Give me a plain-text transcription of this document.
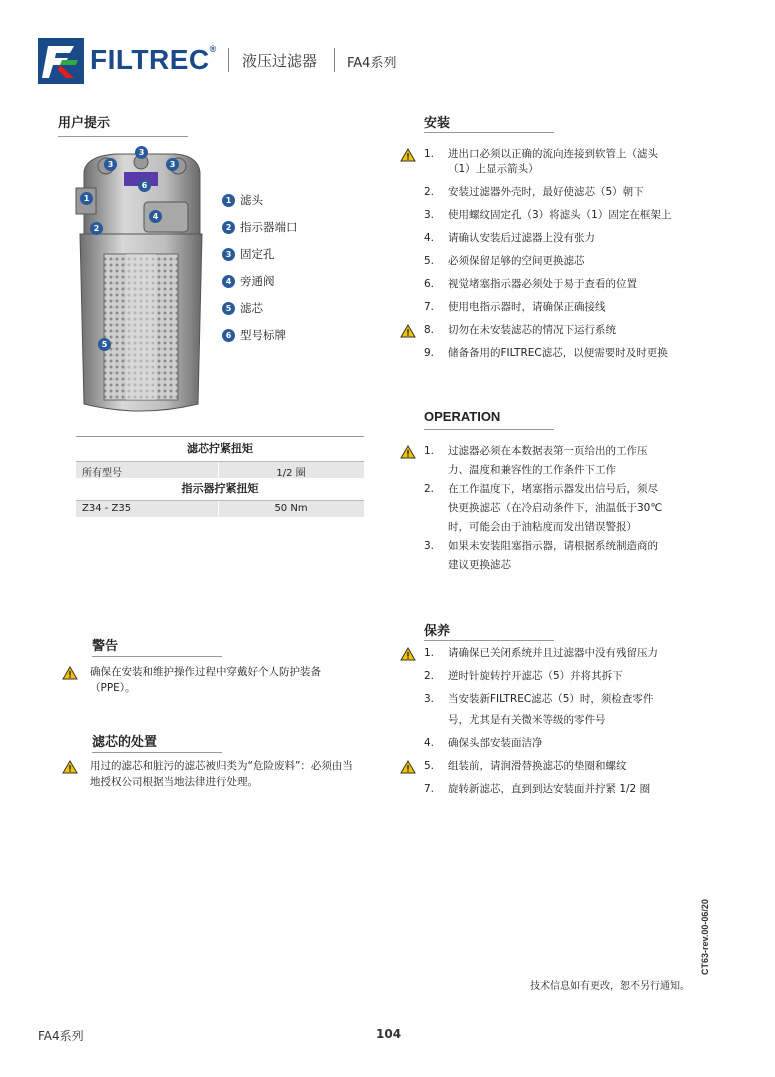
FILTREC®
液压过滤器 FA4系列
用户提示
3
3	3
6
1
4
2
5
1 滤头
2 指示器端口
3 固定孔
4 旁通阀
5 滤芯
6 型号标牌
滤芯拧紧扭矩
所有型号	1/2 圈
指示器拧紧扭矩
Z34 - Z35	50 Nm
警告
确保在安装和维护操作过程中穿戴好个人防护装备（PPE）。
滤芯的处置
用过的滤芯和脏污的滤芯被归类为“危险废料”：必须由当地授权公司根据当地法律进行处理。
安装
1. 进出口必须以正确的流向连接到软管上（滤头
（1）上显示箭头）
2. 安装过滤器外壳时，最好使滤芯（5）朝下
3. 使用螺纹固定孔（3）将滤头（1）固定在框架上
4. 请确认安装后过滤器上没有张力
5. 必须保留足够的空间更换滤芯
6. 视觉堵塞指示器必须处于易于查看的位置
7. 使用电指示器时，请确保正确接线
8. 切勿在未安装滤芯的情况下运行系统
9. 储备备用的FILTREC滤芯，以便需要时及时更换
OPERATION
1. 过滤器必须在本数据表第一页给出的工作压
力、温度和兼容性的工作条件下工作
2. 在工作温度下，堵塞指示器发出信号后，须尽
快更换滤芯（在冷启动条件下，油温低于30℃
时，可能会由于油粘度而发出错误警报）
3. 如果未安装阻塞指示器，请根据系统制造商的
建议更换滤芯
保养
1. 请确保已关闭系统并且过滤器中没有残留压力
2. 逆时针旋转拧开滤芯（5）并将其拆下
3. 当安装新FILTREC滤芯（5）时，须检查零件
号，尤其是有关微米等级的零件号
4. 确保头部安装面洁净
5. 组装前，请润滑替换滤芯的垫圈和螺纹
7. 旋转新滤芯，直到到达安装面并拧紧 1/2 圈
CT63-rev.00-06/20
技术信息如有更改，恕不另行通知。
FA4系列	104
